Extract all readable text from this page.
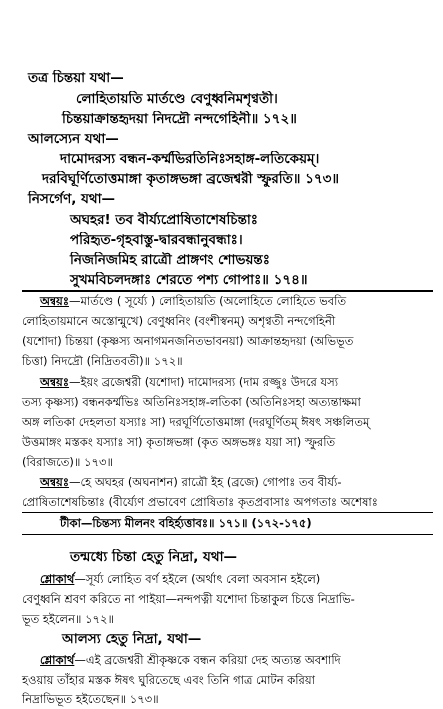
তত্র চিন্তয়া যথা—
লোহিতায়তি মার্তণ্ডে বেণুধ্বনিমশৃণ্বতী।
চিন্তয়াক্রান্তহৃদয়া নিদদ্রৌ নন্দগেহিনী॥ ১৭২॥
আলস্যেন যথা—
দামোদরস্য বন্ধন-কর্ম্মভিরতিনিঃসহাঙ্গ-লতিকেয়ম্।
দরবিঘূর্ণিতোত্তমাঙ্গা কৃতাঙ্গভঙ্গা ব্রজেশ্বরী স্ফুরতি॥ ১৭৩॥
নিসর্গেণ, যথা—
অঘহর! তব বীর্য্যপ্রোষিতাশেষচিন্তাঃ
পরিহৃত-গৃহবাস্তু-দ্বারবন্ধানুবন্ধাঃ।
নিজনিজমিহ রাত্রৌ প্রাঙ্গণং শোভয়ন্তঃ
সুখমবিচলদঙ্গাঃ শেরতে পশ্য গোপাঃ॥ ১৭৪॥
অন্বয়ঃ—মার্তণ্ডে ( সূর্য্যে ) লোহিতায়তি (অলোহিতে লোহিতে ভবতি
লোহিতায়মানে অস্তোন্মুখে) বেণুধ্বনিং (বংশীস্বনম্) অশৃণ্বতী নন্দগেহিনী
(যশোদা) চিন্তয়া (কৃষ্ণস্য অনাগমনজনিতভাবনয়া) আক্রান্তহৃদয়া (অভিভূত
চিত্তা) নিদদ্রৌ (নিদ্রিতবতী)॥ ১৭২॥
অন্বয়ঃ—ইয়ং ব্রজেশ্বরী (যশোদা) দামোদরস্য (দাম রজ্জুঃ উদরে যস্য
তস্য কৃষ্ণস্য) বন্ধনকর্ম্মভিঃ অতিনিঃসহাঙ্গ-লতিকা (অতিনিঃসহা অত্যন্তাক্ষমা
অঙ্গ লতিকা দেহলতা যস্যাঃ সা) দরঘূর্ণিতোত্তমাঙ্গা (দরঘূর্ণিতম্ ঈষৎ সঞ্চলিতম্
উত্তমাঙ্গং মস্তকং যস্যাঃ সা) কৃতাঙ্গভঙ্গা (কৃত অঙ্গভঙ্গঃ যয়া সা) স্ফুরতি
(বিরাজতে)॥ ১৭৩॥
অন্বয়ঃ—হে অঘহর (অঘনাশন) রাত্রৌ ইহ (ব্রজে) গোপাঃ তব বীর্য্য-
প্রোষিতাশেষচিন্তাঃ (বীর্য্যেণ প্রভাবেণ প্রোষিতাঃ কৃতপ্রবাসাঃ অপগতাঃ অশেষাঃ
টীকা—চিন্তস্য মীলনং বহির্হ্যত্তাবঃ॥ ১৭১॥ (১৭২-১৭৫)
তন্মধ্যে চিন্তা হেতু নিদ্রা, যথা—
শ্লোকার্থ—সূর্য্য লোহিত বর্ণ হইলে (অর্থাৎ বেলা অবসান হইলে)
বেণুধ্বনি শ্রবণ করিতে না পাইয়া—নন্দপত্নী যশোদা চিন্তাকুল চিত্তে নিদ্রাভি-
ভূত হইলেন॥ ১৭২॥
আলস্য হেতু নিদ্রা, যথা—
শ্লোকার্থ—এই ব্রজেশ্বরী শ্রীকৃষ্ণকে বন্ধন করিয়া দেহ অত্যন্ত অবশাদি
হওয়ায় তাঁহার মস্তক ঈষৎ ঘুরিতেছে এবং তিনি গাত্র মোটন করিয়া
নিদ্রাভিভূত হইতেছেন॥ ১৭৩॥
